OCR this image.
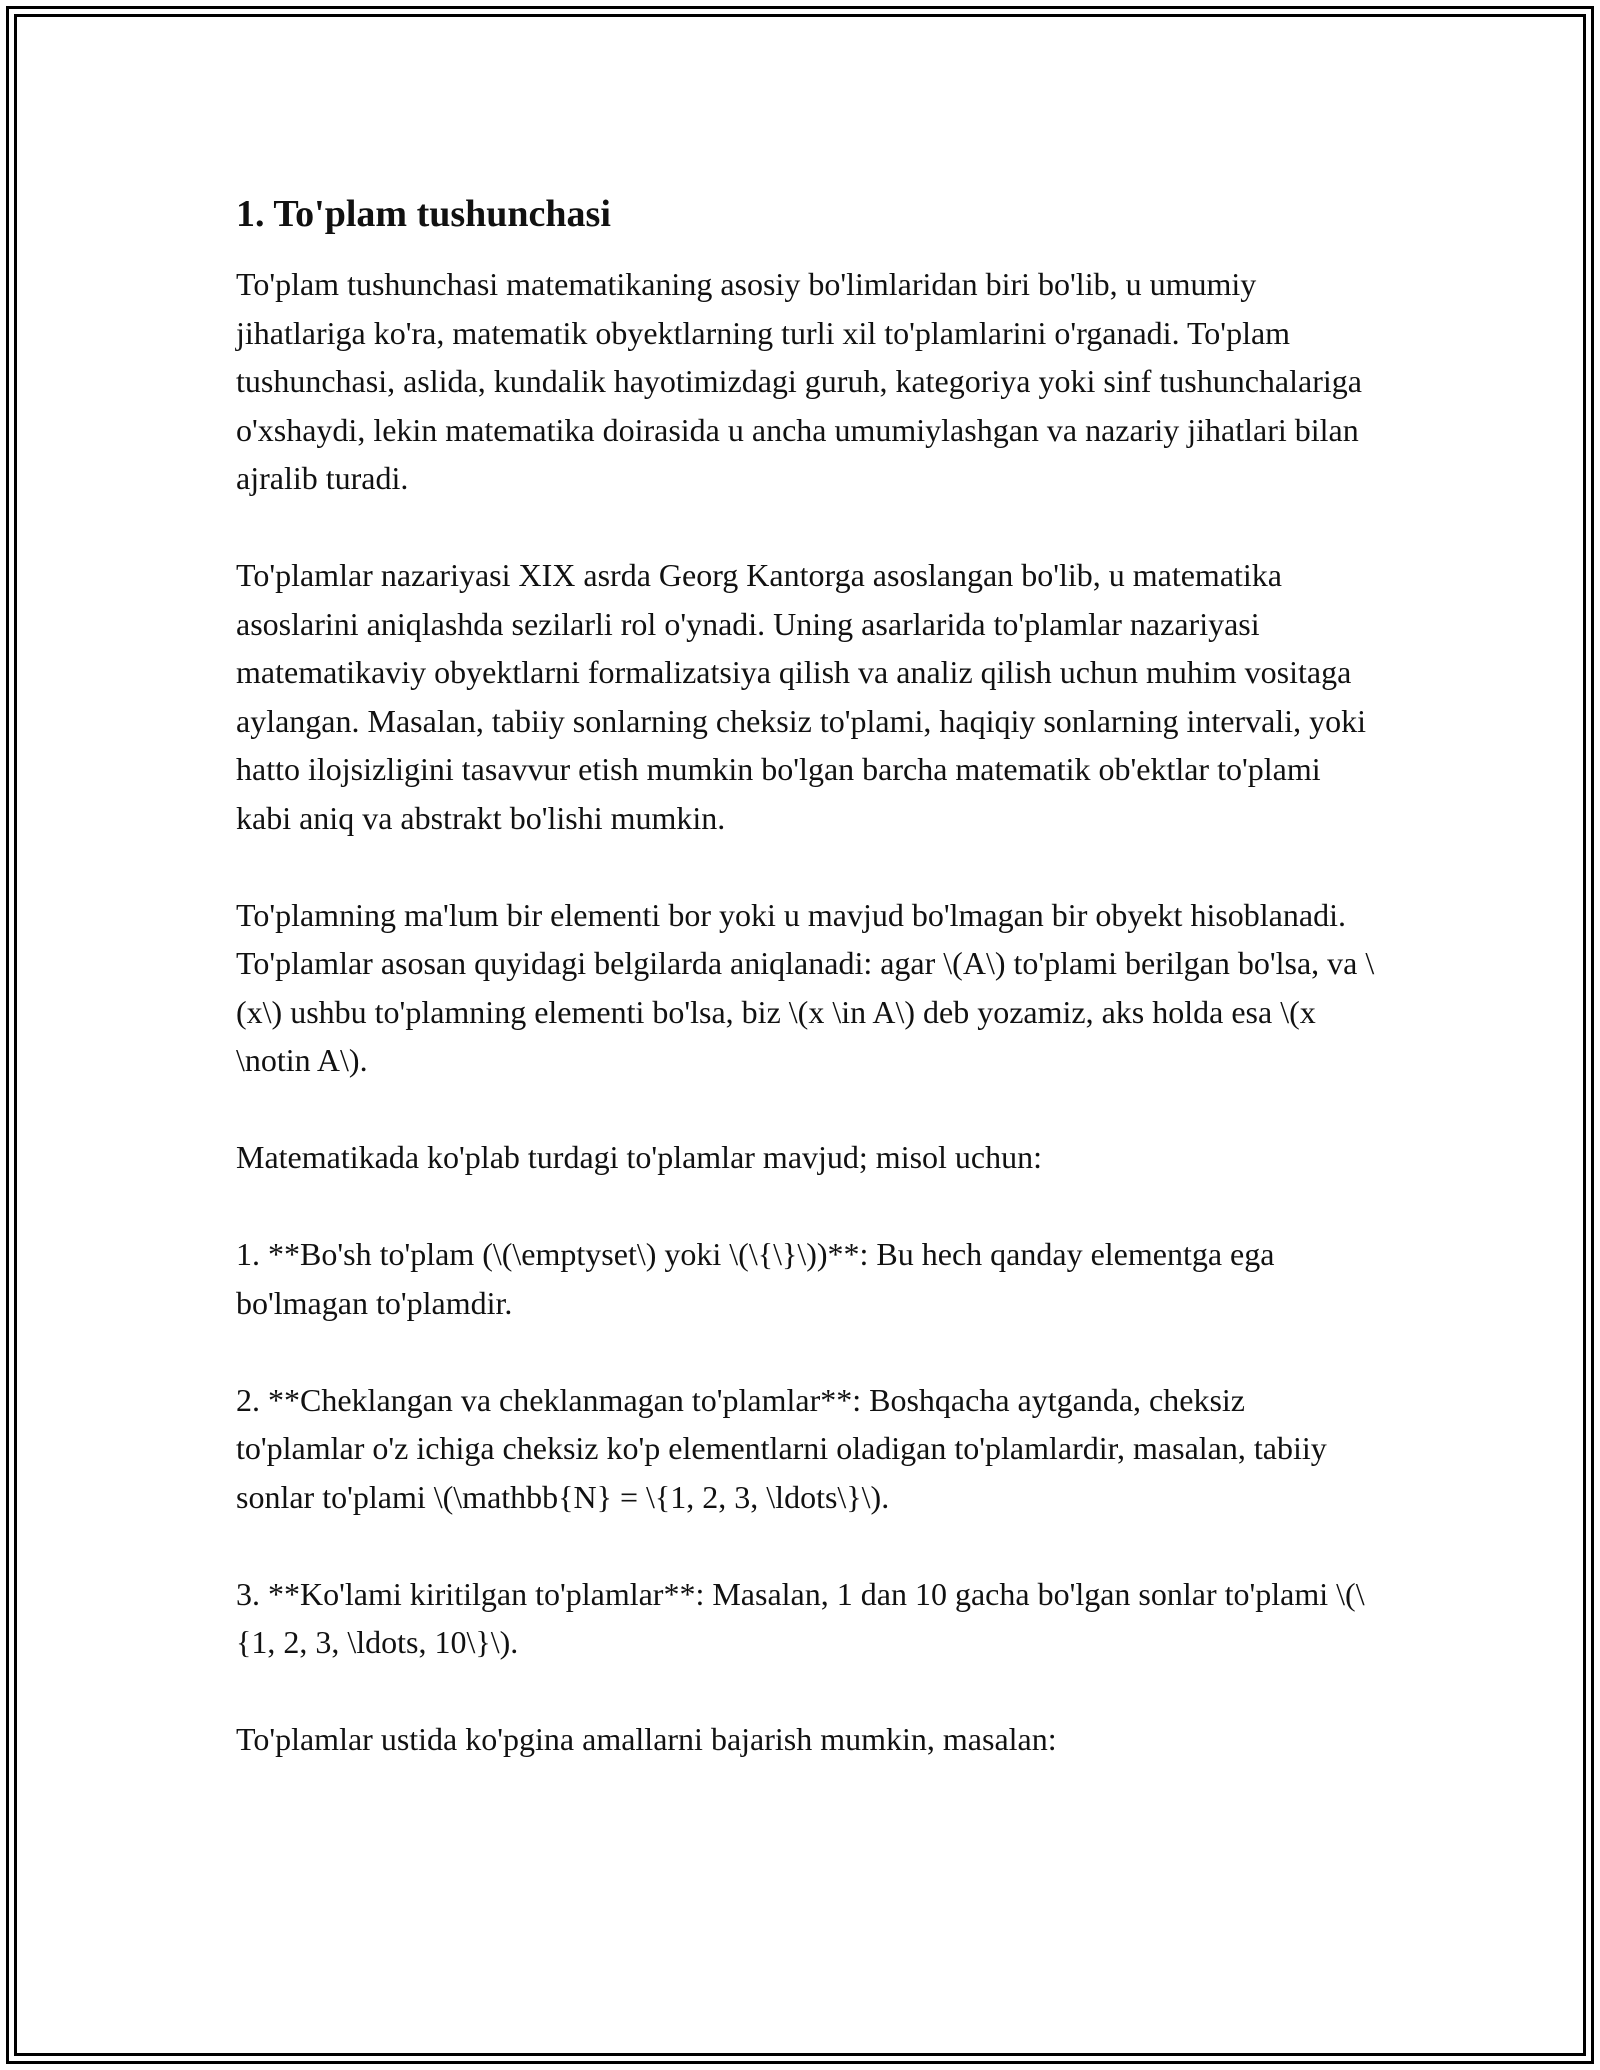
1. To'plam tushunchasi

To'plam tushunchasi matematikaning asosiy bo'limlaridan biri bo'lib, u umumiy jihatlariga ko'ra, matematik obyektlarning turli xil to'plamlarini o'rganadi. To'plam tushunchasi, aslida, kundalik hayotimizdagi guruh, kategoriya yoki sinf tushunchalariga o'xshaydi, lekin matematika doirasida u ancha umumiylashgan va nazariy jihatlari bilan ajralib turadi.

To'plamlar nazariyasi XIX asrda Georg Kantorga asoslangan bo'lib, u matematika asoslarini aniqlashda sezilarli rol o'ynadi. Uning asarlarida to'plamlar nazariyasi matematikaviy obyektlarni formalizatsiya qilish va analiz qilish uchun muhim vositaga aylangan. Masalan, tabiiy sonlarning cheksiz to'plami, haqiqiy sonlarning intervali, yoki hatto ilojsizligini tasavvur etish mumkin bo'lgan barcha matematik ob'ektlar to'plami kabi aniq va abstrakt bo'lishi mumkin.

To'plamning ma'lum bir elementi bor yoki u mavjud bo'lmagan bir obyekt hisoblanadi. To'plamlar asosan quyidagi belgilarda aniqlanadi: agar \(A\) to'plami berilgan bo'lsa, va \(x\) ushbu to'plamning elementi bo'lsa, biz \(x \in A\) deb yozamiz, aks holda esa \(x \notin A\).

Matematikada ko'plab turdagi to'plamlar mavjud; misol uchun:

1. **Bo'sh to'plam (\(\emptyset\) yoki \(\{\}\))**: Bu hech qanday elementga ega bo'lmagan to'plamdir.

2. **Cheklangan va cheklanmagan to'plamlar**: Boshqacha aytganda, cheksiz to'plamlar o'z ichiga cheksiz ko'p elementlarni oladigan to'plamlardir, masalan, tabiiy sonlar to'plami \(\mathbb{N} = \{1, 2, 3, \ldots\}\).

3. **Ko'lami kiritilgan to'plamlar**: Masalan, 1 dan 10 gacha bo'lgan sonlar to'plami \(\{1, 2, 3, \ldots, 10\}\).

To'plamlar ustida ko'pgina amallarni bajarish mumkin, masalan:
